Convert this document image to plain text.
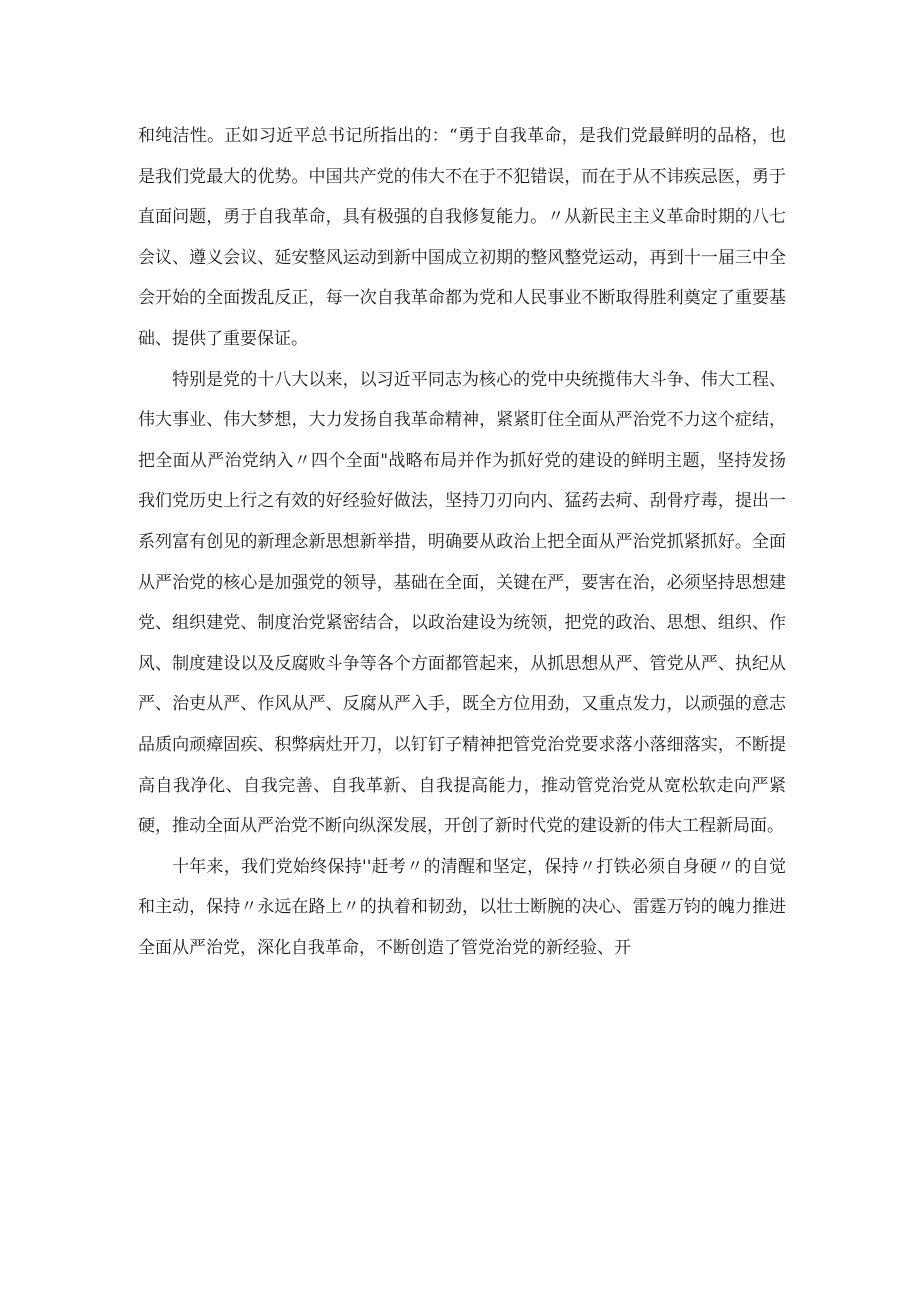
和纯洁性。正如习近平总书记所指出的：“勇于自我革命，是我们党最鲜明的品格，也是我们党最大的优势。中国共产党的伟大不在于不犯错误，而在于从不讳疾忌医，勇于直面问题，勇于自我革命，具有极强的自我修复能力。〃从新民主主义革命时期的八七会议、遵义会议、延安整风运动到新中国成立初期的整风整党运动，再到十一届三中全会开始的全面拨乱反正，每一次自我革命都为党和人民事业不断取得胜利奠定了重要基础、提供了重要保证。

特别是党的十八大以来，以习近平同志为核心的党中央统揽伟大斗争、伟大工程、伟大事业、伟大梦想，大力发扬自我革命精神，紧紧盯住全面从严治党不力这个症结，把全面从严治党纳入〃四个全面"战略布局并作为抓好党的建设的鲜明主题，坚持发扬我们党历史上行之有效的好经验好做法，坚持刀刃向内、猛药去疴、刮骨疗毒，提出一系列富有创见的新理念新思想新举措，明确要从政治上把全面从严治党抓紧抓好。全面从严治党的核心是加强党的领导，基础在全面，关键在严，要害在治，必须坚持思想建党、组织建党、制度治党紧密结合，以政治建设为统领，把党的政治、思想、组织、作风、制度建设以及反腐败斗争等各个方面都管起来，从抓思想从严、管党从严、执纪从严、治吏从严、作风从严、反腐从严入手，既全方位用劲，又重点发力，以顽强的意志品质向顽瘴固疾、积弊病灶开刀，以钉钉子精神把管党治党要求落小落细落实，不断提高自我净化、自我完善、自我革新、自我提高能力，推动管党治党从宽松软走向严紧硬，推动全面从严治党不断向纵深发展，开创了新时代党的建设新的伟大工程新局面。

十年来，我们党始终保持''赶考〃的清醒和坚定，保持〃打铁必须自身硬〃的自觉和主动，保持〃永远在路上〃的执着和韧劲，以壮士断腕的决心、雷霆万钧的魄力推进全面从严治党，深化自我革命，不断创造了管党治党的新经验、开
